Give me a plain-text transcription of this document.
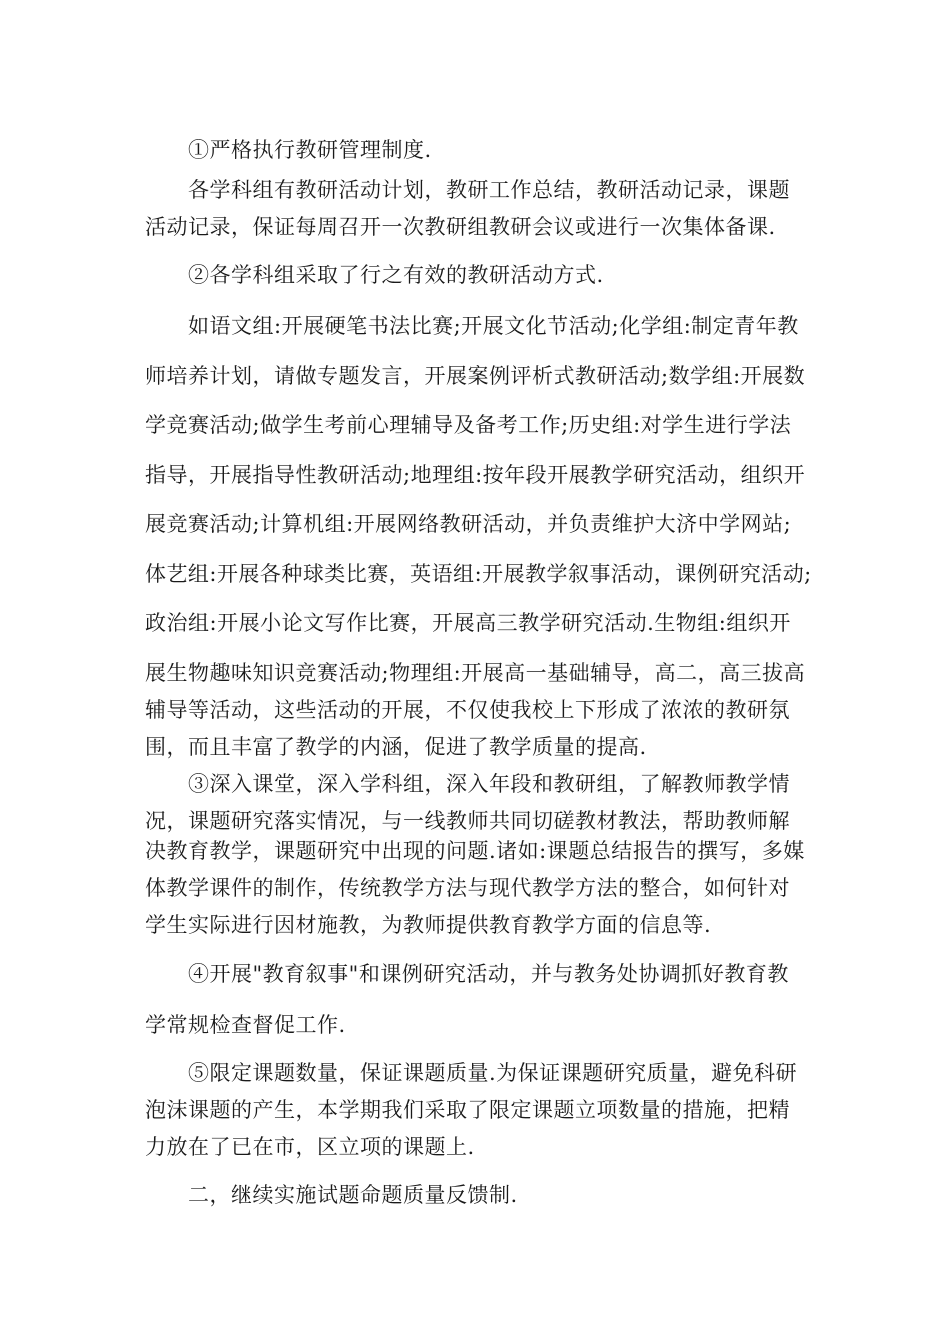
①严格执行教研管理制度.
各学科组有教研活动计划，教研工作总结，教研活动记录，课题
活动记录，保证每周召开一次教研组教研会议或进行一次集体备课.
②各学科组采取了行之有效的教研活动方式.
如语文组:开展硬笔书法比赛;开展文化节活动;化学组:制定青年教
师培养计划，请做专题发言，开展案例评析式教研活动;数学组:开展数
学竞赛活动;做学生考前心理辅导及备考工作;历史组:对学生进行学法
指导，开展指导性教研活动;地理组:按年段开展教学研究活动，组织开
展竞赛活动;计算机组:开展网络教研活动，并负责维护大济中学网站;
体艺组:开展各种球类比赛，英语组:开展教学叙事活动，课例研究活动;
政治组:开展小论文写作比赛，开展高三教学研究活动.生物组:组织开
展生物趣味知识竞赛活动;物理组:开展高一基础辅导，高二，高三拔高
辅导等活动，这些活动的开展，不仅使我校上下形成了浓浓的教研氛
围，而且丰富了教学的内涵，促进了教学质量的提高.
③深入课堂，深入学科组，深入年段和教研组，了解教师教学情
况，课题研究落实情况，与一线教师共同切磋教材教法，帮助教师解
决教育教学，课题研究中出现的问题.诸如:课题总结报告的撰写，多媒
体教学课件的制作，传统教学方法与现代教学方法的整合，如何针对
学生实际进行因材施教，为教师提供教育教学方面的信息等.
④开展"教育叙事"和课例研究活动，并与教务处协调抓好教育教
学常规检查督促工作.
⑤限定课题数量，保证课题质量.为保证课题研究质量，避免科研
泡沫课题的产生，本学期我们采取了限定课题立项数量的措施，把精
力放在了已在市，区立项的课题上.
二，继续实施试题命题质量反馈制.
